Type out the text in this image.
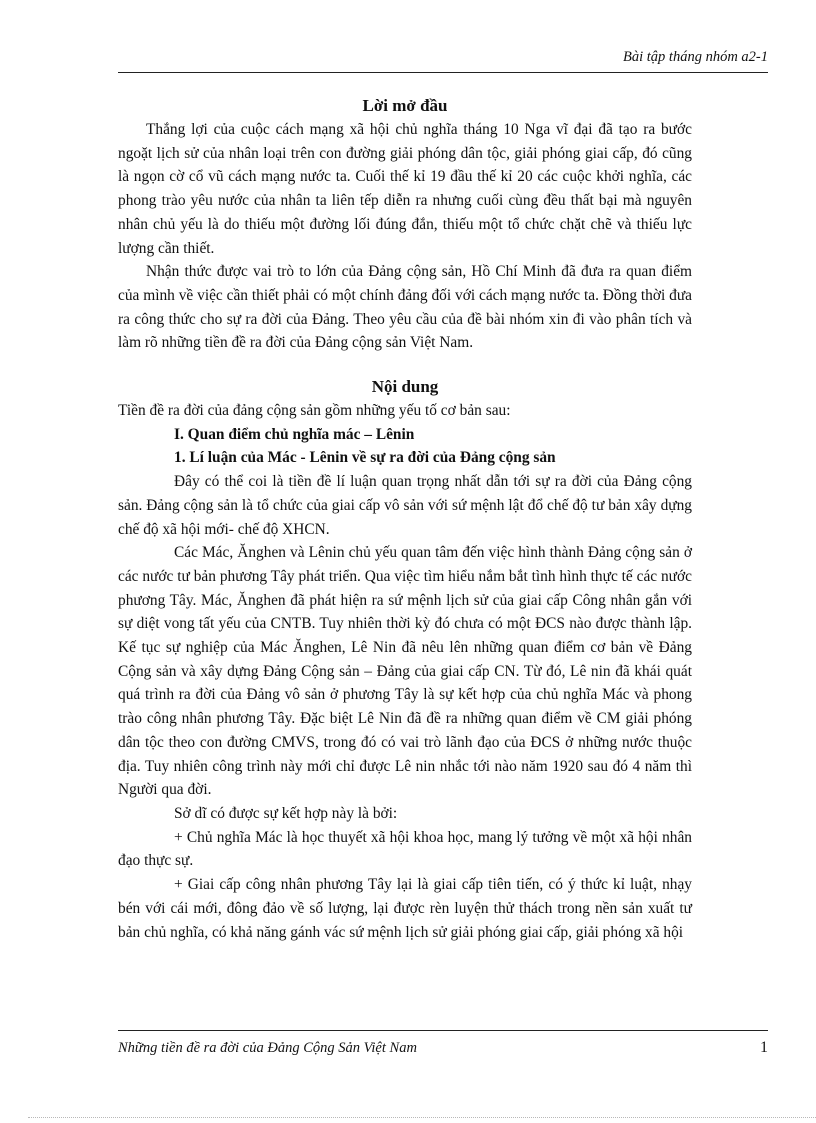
Bài tập tháng nhóm a2-1
Lời mở đầu

Thắng lợi của cuộc cách mạng xã hội chủ nghĩa tháng 10 Nga vĩ đại đã tạo ra bước ngoặt lịch sử của nhân loại trên con đường giải phóng dân tộc, giải phóng giai cấp, đó cũng là ngọn cờ cổ vũ cách mạng nước ta. Cuối thế kỉ 19 đầu thế kỉ 20 các cuộc khởi nghĩa, các phong trào yêu nước của nhân ta liên tếp diễn ra nhưng cuối cùng đều thất bại mà nguyên nhân chủ yếu là do thiếu một đường lối đúng đắn, thiếu một tổ chức chặt chẽ và thiếu lực lượng cần thiết.

Nhận thức được vai trò to lớn của Đảng cộng sản, Hồ Chí Minh đã đưa ra quan điểm của mình về việc cần thiết phải có một chính đảng đối với cách mạng nước ta. Đồng thời đưa ra công thức cho sự ra đời của Đảng. Theo yêu cầu của đề bài nhóm xin đi vào phân tích và làm rõ những tiền đề ra đời của Đảng cộng sản Việt Nam.

Nội dung

Tiền đề ra đời của đảng cộng sản gồm những yếu tố cơ bản sau:

I. Quan điểm chủ nghĩa mác – Lênin

1. Lí luận của Mác - Lênin về sự ra đời của Đảng cộng sản

Đây có thể coi là tiền đề lí luận quan trọng nhất dẫn tới sự ra đời của Đảng cộng sản. Đảng cộng sản là tổ chức của giai cấp vô sản với sứ mệnh lật đổ chế độ tư bản xây dựng chế độ xã hội mới- chế độ XHCN.

Các Mác, Ănghen và Lênin chủ yếu quan tâm đến việc hình thành Đảng cộng sản ở các nước tư bản phương Tây phát triển. Qua việc tìm hiểu nắm bắt tình hình thực tế các nước phương Tây. Mác, Ănghen đã phát hiện ra sứ mệnh lịch sử của giai cấp Công nhân gắn với sự diệt vong tất yếu của CNTB. Tuy nhiên thời kỳ đó chưa có một ĐCS nào được thành lập. Kế tục sự nghiệp của Mác Ănghen, Lê Nin đã nêu lên những quan điểm cơ bản về Đảng Cộng sản và xây dựng Đảng Cộng sản – Đảng của giai cấp CN. Từ đó, Lê nin đã khái quát quá trình ra đời của Đảng vô sản ở phương Tây là sự kết hợp của chủ nghĩa Mác và phong trào công nhân phương Tây. Đặc biệt Lê Nin đã đề ra những quan điểm về CM giải phóng dân tộc theo con đường CMVS, trong đó có vai trò lãnh đạo của ĐCS ở những nước thuộc địa. Tuy nhiên công trình này mới chỉ được Lê nin nhắc tới nào năm 1920 sau đó 4 năm thì Người qua đời.

Sở dĩ có được sự kết hợp này là bởi:

+ Chủ nghĩa Mác là học thuyết xã hội khoa học, mang lý tưởng về một xã hội nhân đạo thực sự.

+ Giai cấp công nhân phương Tây lại là giai cấp tiên tiến, có ý thức kỉ luật, nhạy bén với cái mới, đông đảo về số lượng, lại được rèn luyện thử thách trong nền sản xuất tư bản chủ nghĩa, có khả năng gánh vác sứ mệnh lịch sử giải phóng giai cấp, giải phóng xã hội

Những tiền đề ra đời của Đảng Cộng Sản Việt Nam	1
